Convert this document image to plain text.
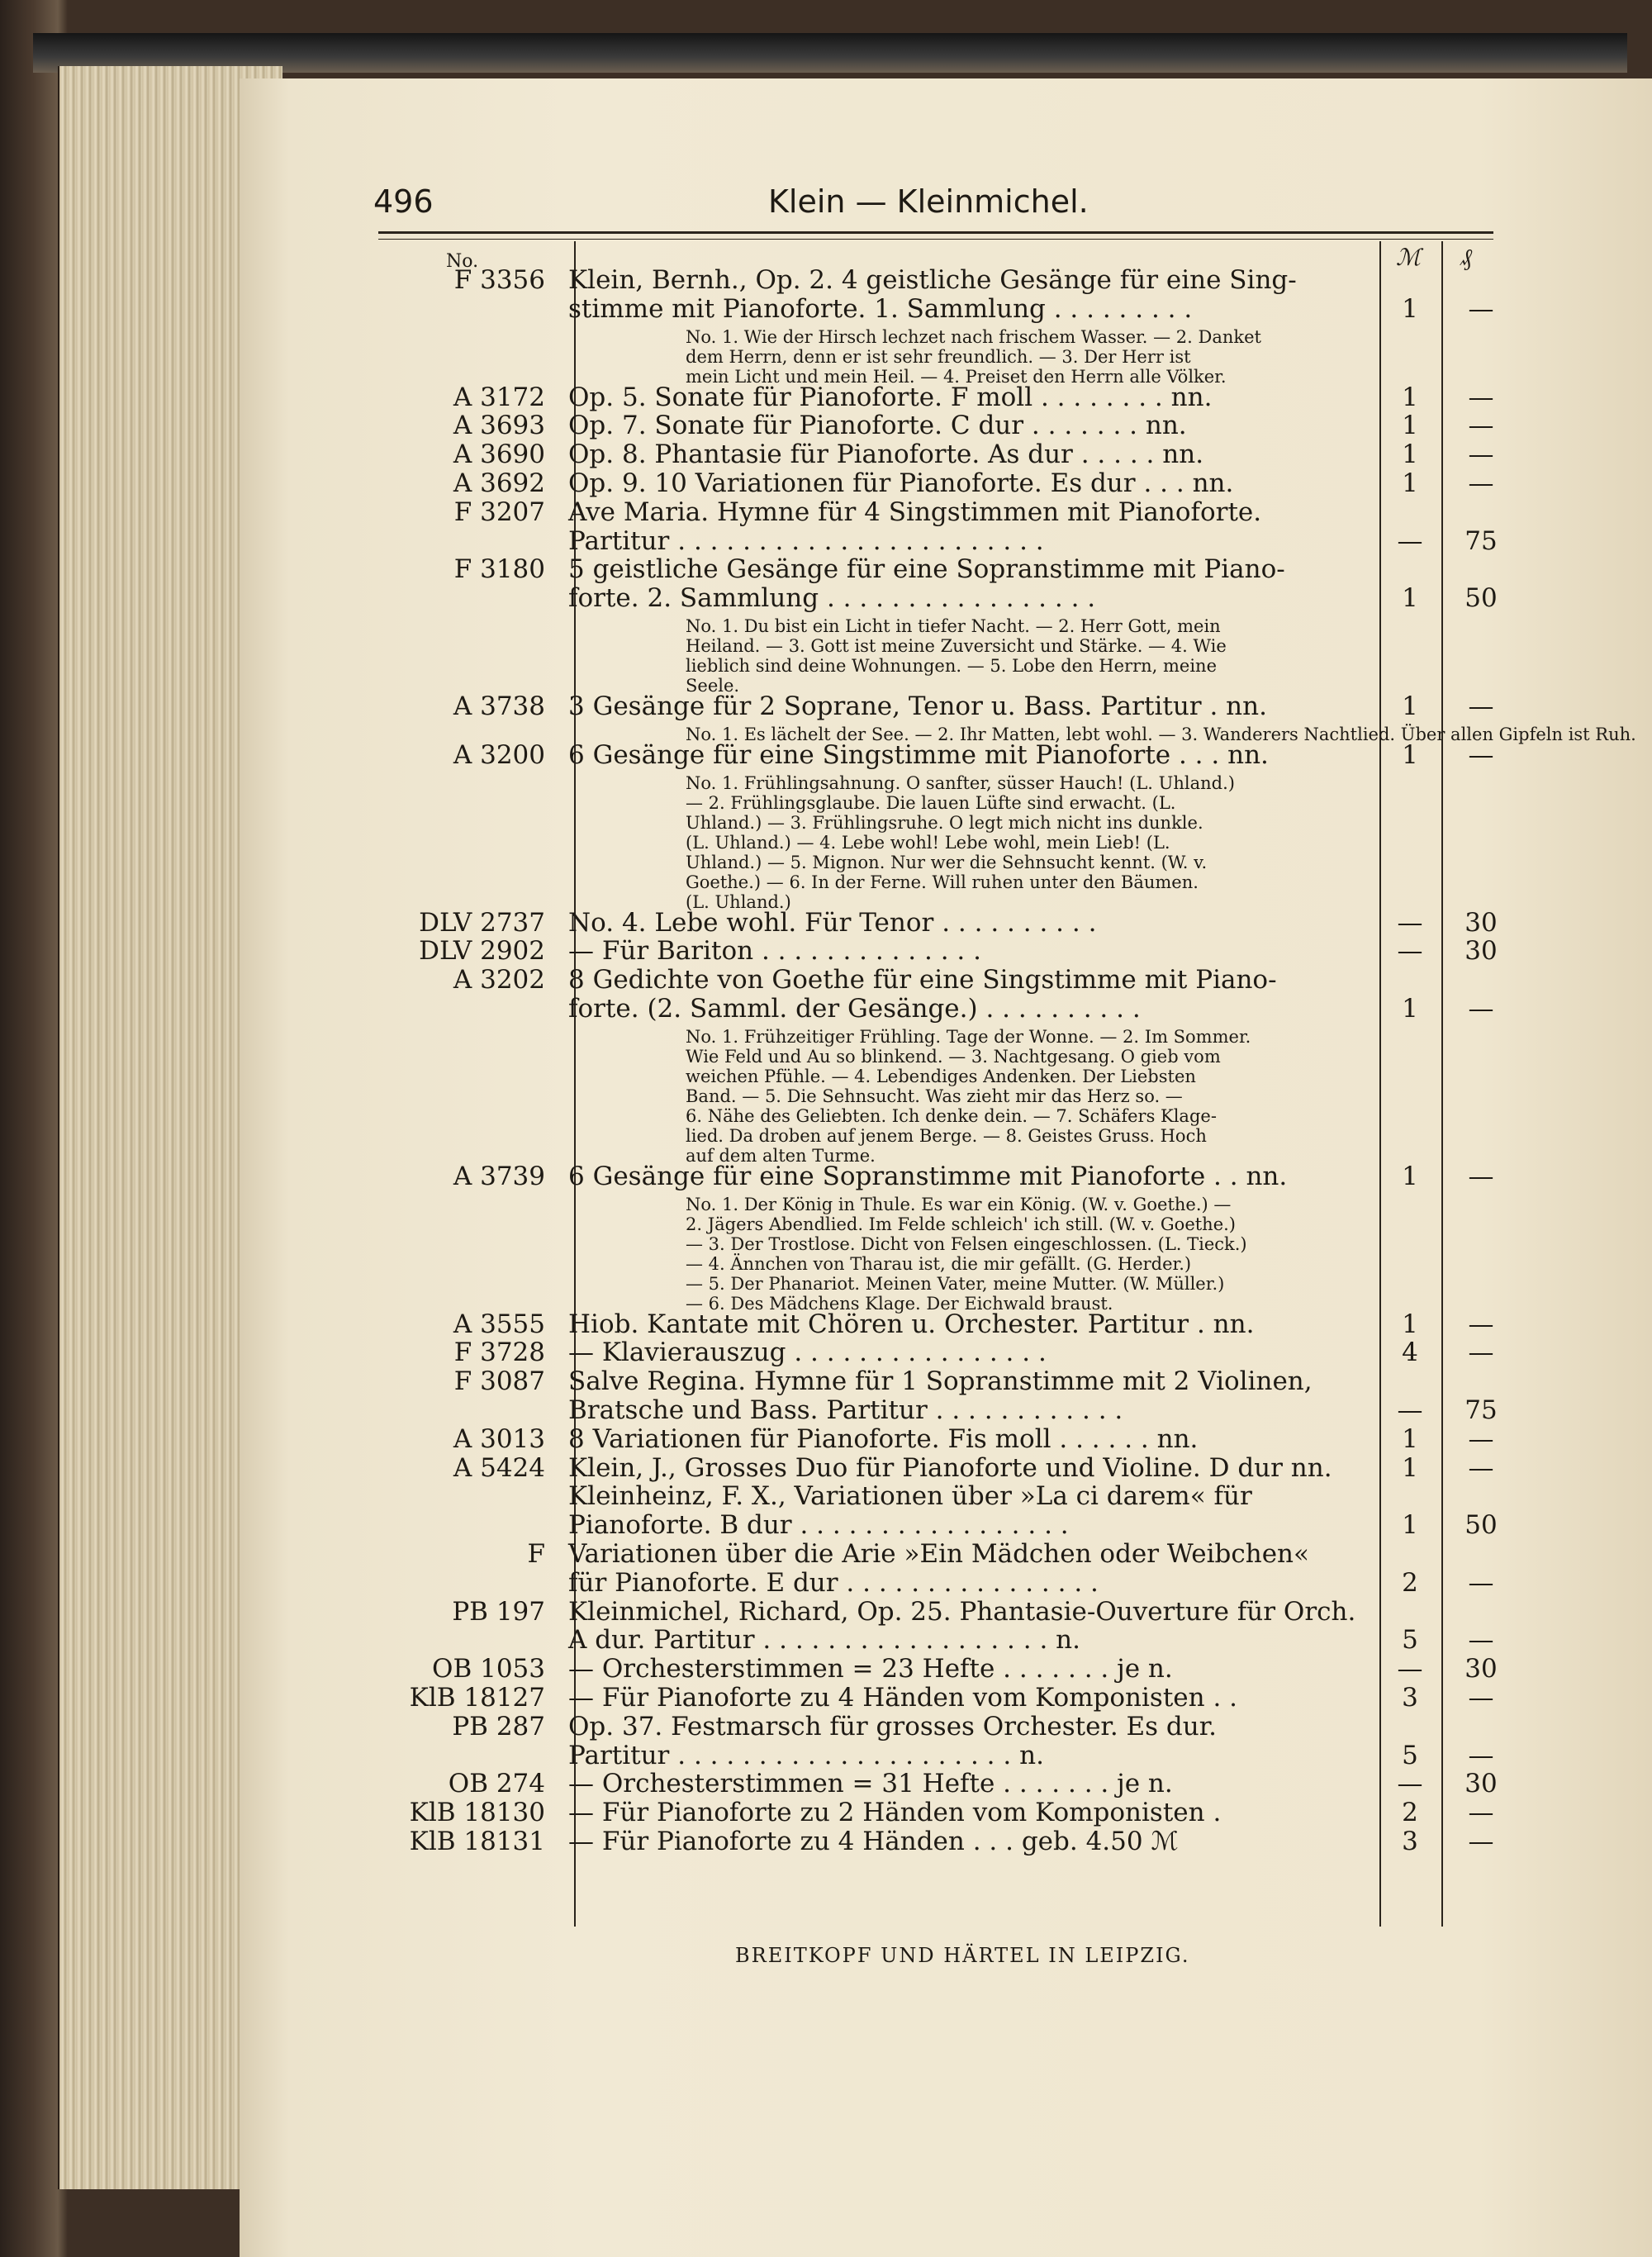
496	Klein — Kleinmichel.
No.	ℳ ₰
F 3356 Klein, Bernh., Op. 2. 4 geistliche Gesänge für eine Sing-
stimme mit Pianoforte. 1. Sammlung . . . . . . . . .	1	—
No. 1. Wie der Hirsch lechzet nach frischem Wasser. — 2. Danket
dem Herrn, denn er ist sehr freundlich. — 3. Der Herr ist
mein Licht und mein Heil. — 4. Preiset den Herrn alle Völker.
A 3172 Op. 5. Sonate für Pianoforte. F moll . . . . . . . . nn.	1	—
A 3693 Op. 7. Sonate für Pianoforte. C dur . . . . . . . nn.	1	—
A 3690 Op. 8. Phantasie für Pianoforte. As dur . . . . . nn.	1	—
A 3692 Op. 9. 10 Variationen für Pianoforte. Es dur . . . nn.	1	—
F 3207 Ave Maria. Hymne für 4 Singstimmen mit Pianoforte.
Partitur . . . . . . . . . . . . . . . . . . . . . . .	—	75
F 3180 5 geistliche Gesänge für eine Sopranstimme mit Piano-
forte. 2. Sammlung . . . . . . . . . . . . . . . . .	1	50
No. 1. Du bist ein Licht in tiefer Nacht. — 2. Herr Gott, mein
Heiland. — 3. Gott ist meine Zuversicht und Stärke. — 4. Wie
lieblich sind deine Wohnungen. — 5. Lobe den Herrn, meine
Seele.
A 3738 3 Gesänge für 2 Soprane, Tenor u. Bass. Partitur . nn.	1	—
No. 1. Es lächelt der See. — 2. Ihr Matten, lebt wohl. — 3. Wanderers Nachtlied. Über allen Gipfeln ist Ruh.
A 3200 6 Gesänge für eine Singstimme mit Pianoforte . . . nn.	1	—
No. 1. Frühlingsahnung. O sanfter, süsser Hauch! (L. Uhland.)
— 2. Frühlingsglaube. Die lauen Lüfte sind erwacht. (L.
Uhland.) — 3. Frühlingsruhe. O legt mich nicht ins dunkle.
(L. Uhland.) — 4. Lebe wohl! Lebe wohl, mein Lieb! (L.
Uhland.) — 5. Mignon. Nur wer die Sehnsucht kennt. (W. v.
Goethe.) — 6. In der Ferne. Will ruhen unter den Bäumen.
(L. Uhland.)
DLV 2737 No. 4. Lebe wohl. Für Tenor . . . . . . . . . .	—	30
DLV 2902 — Für Bariton . . . . . . . . . . . . . .	—	30
A 3202 8 Gedichte von Goethe für eine Singstimme mit Piano-
forte. (2. Samml. der Gesänge.) . . . . . . . . . .	1	—
No. 1. Frühzeitiger Frühling. Tage der Wonne. — 2. Im Sommer.
Wie Feld und Au so blinkend. — 3. Nachtgesang. O gieb vom
weichen Pfühle. — 4. Lebendiges Andenken. Der Liebsten
Band. — 5. Die Sehnsucht. Was zieht mir das Herz so. —
6. Nähe des Geliebten. Ich denke dein. — 7. Schäfers Klage-
lied. Da droben auf jenem Berge. — 8. Geistes Gruss. Hoch
auf dem alten Turme.
A 3739 6 Gesänge für eine Sopranstimme mit Pianoforte . . nn.	1	—
No. 1. Der König in Thule. Es war ein König. (W. v. Goethe.) —
2. Jägers Abendlied. Im Felde schleich' ich still. (W. v. Goethe.)
— 3. Der Trostlose. Dicht von Felsen eingeschlossen. (L. Tieck.)
— 4. Ännchen von Tharau ist, die mir gefällt. (G. Herder.)
— 5. Der Phanariot. Meinen Vater, meine Mutter. (W. Müller.)
— 6. Des Mädchens Klage. Der Eichwald braust.
A 3555 Hiob. Kantate mit Chören u. Orchester. Partitur . nn.	1	—
F 3728 — Klavierauszug . . . . . . . . . . . . . . . .	4	—
F 3087 Salve Regina. Hymne für 1 Sopranstimme mit 2 Violinen,
Bratsche und Bass. Partitur . . . . . . . . . . . .	—	75
A 3013 8 Variationen für Pianoforte. Fis moll . . . . . . nn.	1	—
A 5424 Klein, J., Grosses Duo für Pianoforte und Violine. D dur nn.	1	—
Kleinheinz, F. X., Variationen über »La ci darem« für
Pianoforte. B dur . . . . . . . . . . . . . . . . .	1	50
F Variationen über die Arie »Ein Mädchen oder Weibchen«
für Pianoforte. E dur . . . . . . . . . . . . . . . .	2	—
PB 197 Kleinmichel, Richard, Op. 25. Phantasie-Ouverture für Orch.
A dur. Partitur . . . . . . . . . . . . . . . . . . n.	5	—
OB 1053 — Orchesterstimmen = 23 Hefte . . . . . . . je n.	—	30
KlB 18127 — Für Pianoforte zu 4 Händen vom Komponisten . .	3	—
PB 287 Op. 37. Festmarsch für grosses Orchester. Es dur.
Partitur . . . . . . . . . . . . . . . . . . . . . n.	5	—
OB 274 — Orchesterstimmen = 31 Hefte . . . . . . . je n.	—	30
KlB 18130 — Für Pianoforte zu 2 Händen vom Komponisten .	2	—
KlB 18131 — Für Pianoforte zu 4 Händen . . . geb. 4.50 ℳ	3	—
BREITKOPF UND HÄRTEL IN LEIPZIG.
